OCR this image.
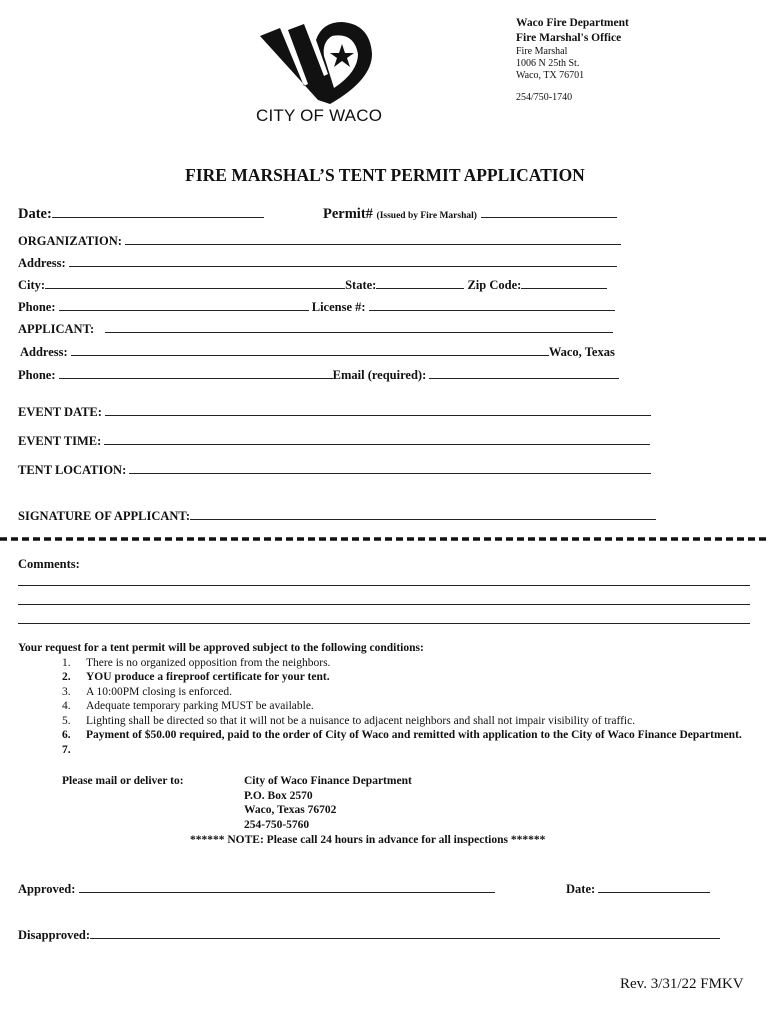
CITY OF WACO
Waco Fire Department
Fire Marshal's Office
Fire Marshal
1006 N 25th St.
Waco, TX 76701
254/750-1740
FIRE MARSHAL’S TENT PERMIT APPLICATION
Date:	Permit# (Issued by Fire Marshal)
ORGANIZATION:
Address:
City:	State:	Zip Code:
Phone:	License #:
APPLICANT:
Address:	Waco, Texas
Phone:	Email (required):
EVENT DATE:
EVENT TIME:
TENT LOCATION:
SIGNATURE OF APPLICANT:
Comments:
Your request for a tent permit will be approved subject to the following conditions:
1. There is no organized opposition from the neighbors.
2. YOU produce a fireproof certificate for your tent.
3. A 10:00PM closing is enforced.
4. Adequate temporary parking MUST be available.
5. Lighting shall be directed so that it will not be a nuisance to adjacent neighbors and shall not impair visibility of traffic.
6. Payment of $50.00 required, paid to the order of City of Waco and remitted with application to the City of Waco Finance Department.
7.

Please mail or deliver to:	City of Waco Finance Department
P.O. Box 2570
Waco, Texas 76702
254-750-5760
****** NOTE: Please call 24 hours in advance for all inspections ******
Approved:	Date:
Disapproved:
Rev. 3/31/22 FMKV
